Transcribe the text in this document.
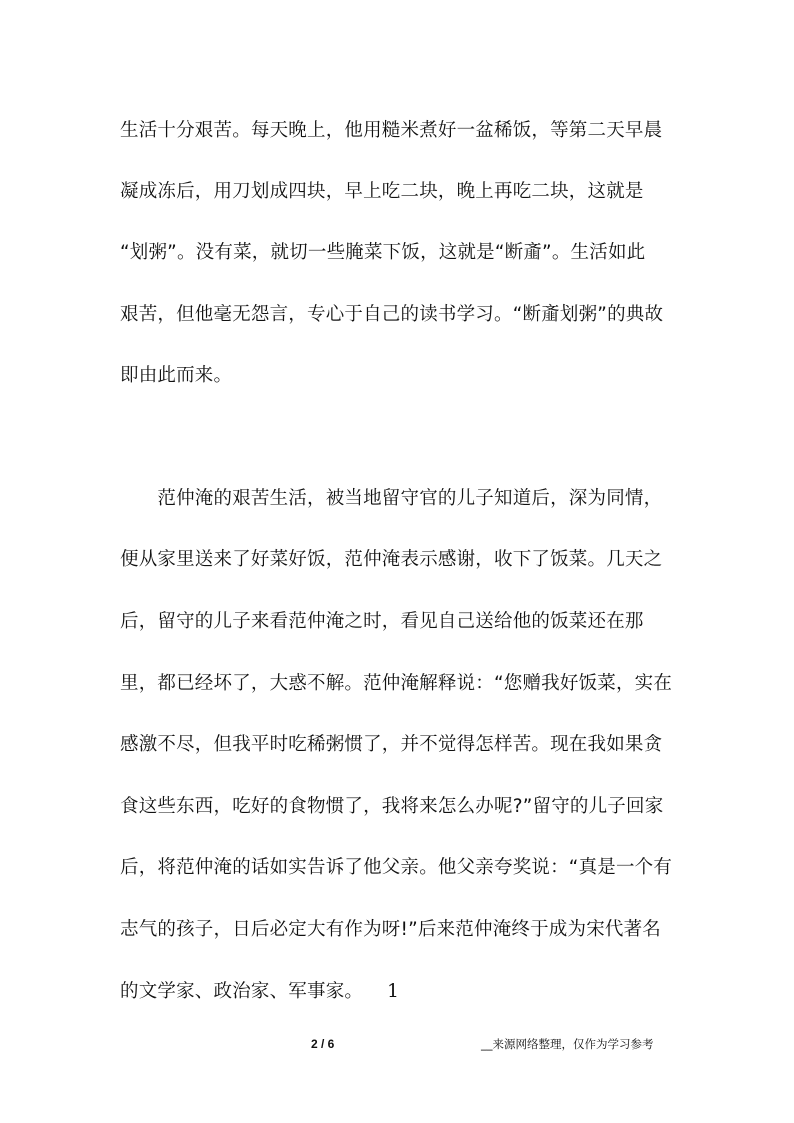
生活十分艰苦。每天晚上，他用糙米煮好一盆稀饭，等第二天早晨
凝成冻后，用刀划成四块，早上吃二块，晚上再吃二块，这就是
“划粥”。没有菜，就切一些腌菜下饭，这就是“断齑”。生活如此
艰苦，但他毫无怨言，专心于自己的读书学习。“断齑划粥”的典故
即由此而来。
　　范仲淹的艰苦生活，被当地留守官的儿子知道后，深为同情，
便从家里送来了好菜好饭，范仲淹表示感谢，收下了饭菜。几天之
后，留守的儿子来看范仲淹之时，看见自己送给他的饭菜还在那
里，都已经坏了，大惑不解。范仲淹解释说：“您赠我好饭菜，实在
感激不尽，但我平时吃稀粥惯了，并不觉得怎样苦。现在我如果贪
食这些东西，吃好的食物惯了，我将来怎么办呢?”留守的儿子回家
后，将范仲淹的话如实告诉了他父亲。他父亲夸奖说：“真是一个有
志气的孩子，日后必定大有作为呀!”后来范仲淹终于成为宋代著名
的文学家、政治家、军事家。 1
2 / 6	__来源网络整理，仅作为学习参考
